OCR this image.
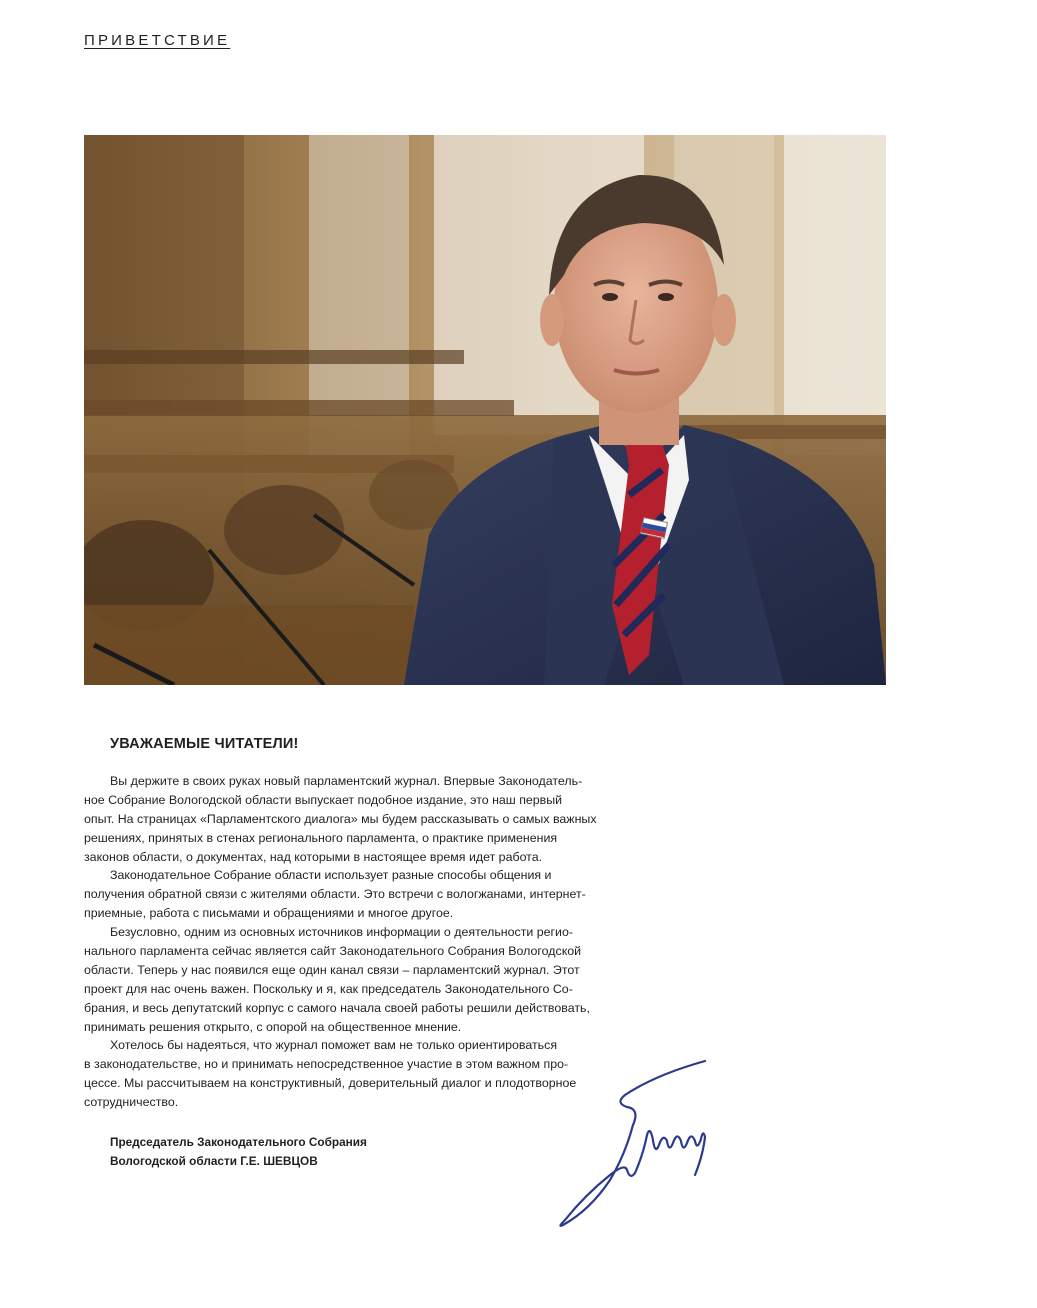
ПРИВЕТСТВИЕ
УВАЖАЕМЫЕ ЧИТАТЕЛИ!
Вы держите в своих руках новый парламентский журнал. Впервые Законодатель-
ное Собрание Вологодской области выпускает подобное издание, это наш первый
опыт. На страницах «Парламентского диалога» мы будем рассказывать о самых важных
решениях, принятых в стенах регионального парламента, о практике применения
законов области, о документах, над которыми в настоящее время идет работа.
Законодательное Собрание области использует разные способы общения и
получения обратной связи с жителями области. Это встречи с вологжанами, интернет-
приемные, работа с письмами и обращениями и многое другое.
Безусловно, одним из основных источников информации о деятельности регио-
нального парламента сейчас является сайт Законодательного Собрания Вологодской
области. Теперь у нас появился еще один канал связи – парламентский журнал. Этот
проект для нас очень важен. Поскольку и я, как председатель Законодательного Со-
брания, и весь депутатский корпус с самого начала своей работы решили действовать,
принимать решения открыто, с опорой на общественное мнение.
Хотелось бы надеяться, что журнал поможет вам не только ориентироваться
в законодательстве, но и принимать непосредственное участие в этом важном про-
цессе. Мы рассчитываем на конструктивный, доверительный диалог и плодотворное
сотрудничество.
Председатель Законодательного Собрания
Вологодской области Г.Е. ШЕВЦОВ
